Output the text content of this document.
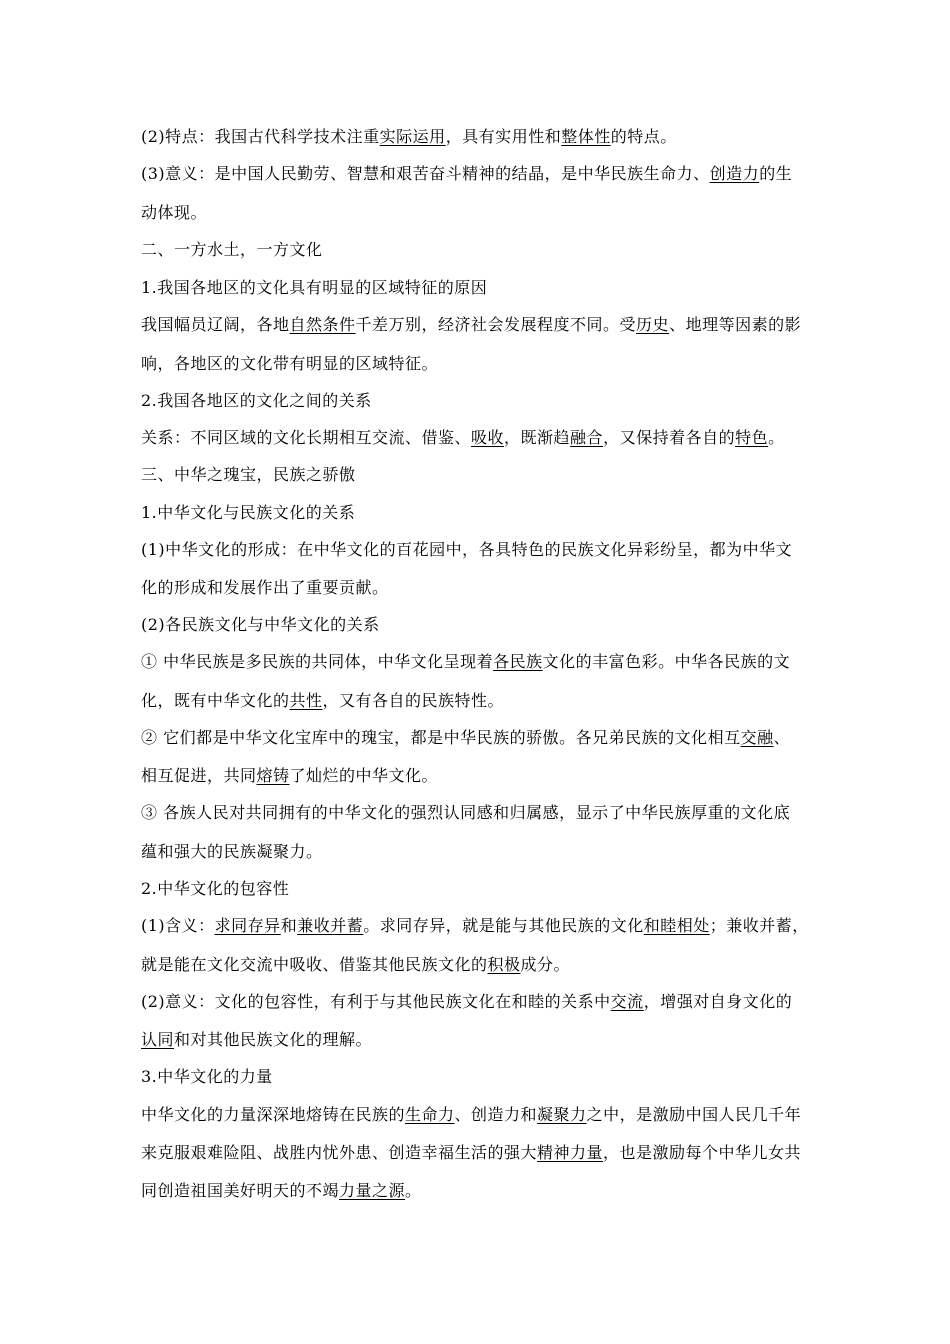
(2)特点：我国古代科学技术注重实际运用，具有实用性和整体性的特点。
(3)意义：是中国人民勤劳、智慧和艰苦奋斗精神的结晶，是中华民族生命力、创造力的生
动体现。
二、一方水土，一方文化
1.我国各地区的文化具有明显的区域特征的原因
我国幅员辽阔，各地自然条件千差万别，经济社会发展程度不同。受历史、地理等因素的影
响，各地区的文化带有明显的区域特征。
2.我国各地区的文化之间的关系
关系：不同区域的文化长期相互交流、借鉴、吸收，既渐趋融合，又保持着各自的特色。
三、中华之瑰宝，民族之骄傲
1.中华文化与民族文化的关系
(1)中华文化的形成：在中华文化的百花园中，各具特色的民族文化异彩纷呈，都为中华文
化的形成和发展作出了重要贡献。
(2)各民族文化与中华文化的关系
① 中华民族是多民族的共同体，中华文化呈现着各民族文化的丰富色彩。中华各民族的文
化，既有中华文化的共性，又有各自的民族特性。
② 它们都是中华文化宝库中的瑰宝，都是中华民族的骄傲。各兄弟民族的文化相互交融、
相互促进，共同熔铸了灿烂的中华文化。
③ 各族人民对共同拥有的中华文化的强烈认同感和归属感，显示了中华民族厚重的文化底
蕴和强大的民族凝聚力。
2.中华文化的包容性
(1)含义：求同存异和兼收并蓄。求同存异，就是能与其他民族的文化和睦相处；兼收并蓄，
就是能在文化交流中吸收、借鉴其他民族文化的积极成分。
(2)意义：文化的包容性，有利于与其他民族文化在和睦的关系中交流，增强对自身文化的
认同和对其他民族文化的理解。
3.中华文化的力量
中华文化的力量深深地熔铸在民族的生命力、创造力和凝聚力之中，是激励中国人民几千年
来克服艰难险阻、战胜内忧外患、创造幸福生活的强大精神力量，也是激励每个中华儿女共
同创造祖国美好明天的不竭力量之源。
